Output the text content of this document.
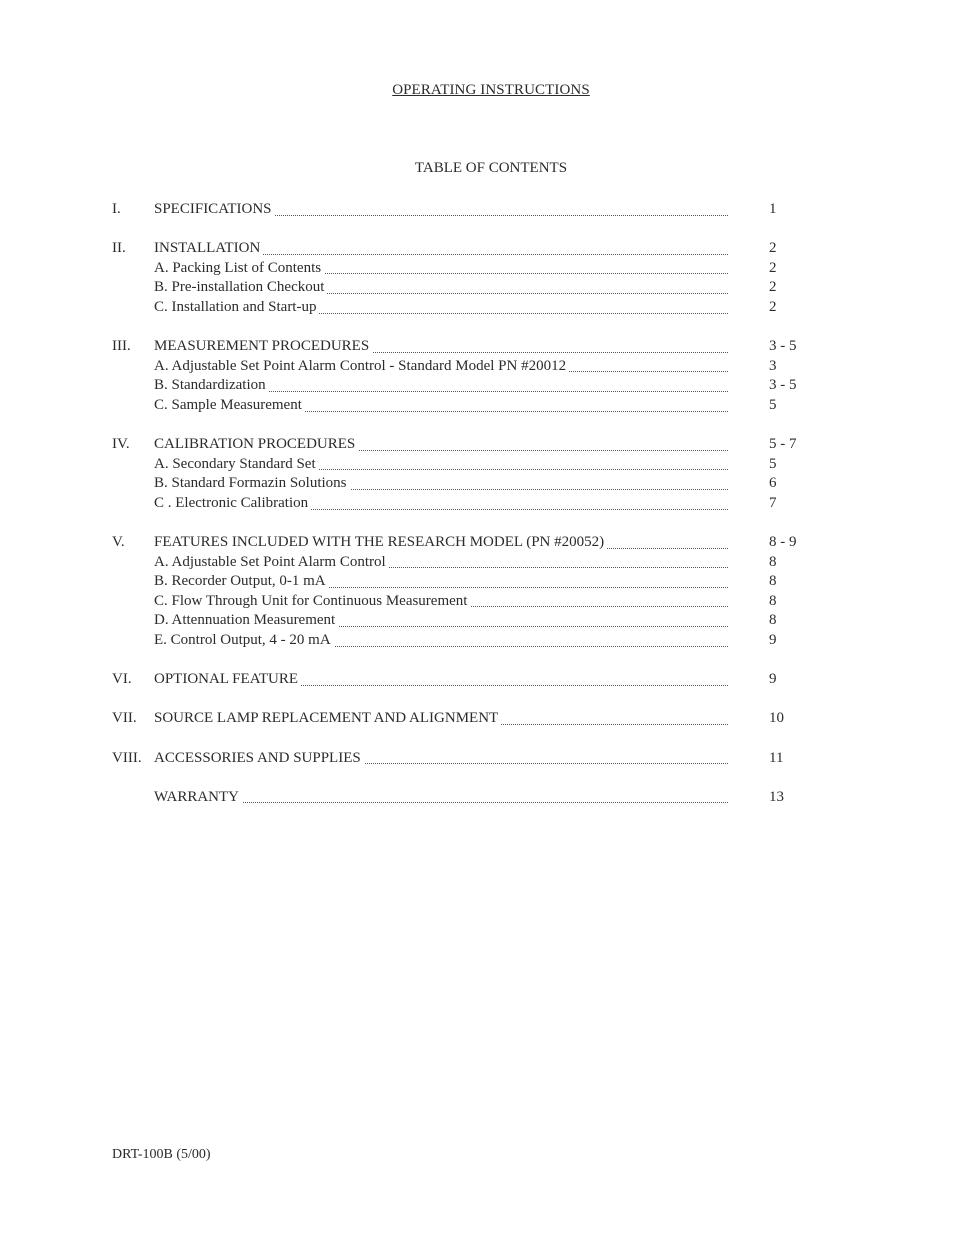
OPERATING INSTRUCTIONS
TABLE OF CONTENTS
I. SPECIFICATIONS	1
II. INSTALLATION	2
A. Packing List of Contents	2
B. Pre-installation Checkout	2
C. Installation and Start-up	2
III. MEASUREMENT PROCEDURES	3 - 5
A. Adjustable Set Point Alarm Control - Standard Model PN #20012	3
B. Standardization	3 - 5
C. Sample Measurement	5
IV. CALIBRATION PROCEDURES	5 - 7
A. Secondary Standard Set	5
B. Standard Formazin Solutions	6
C . Electronic Calibration	7
V. FEATURES INCLUDED WITH THE RESEARCH MODEL (PN #20052)	8 - 9
A. Adjustable Set Point Alarm Control	8
B. Recorder Output, 0-1 mA	8
C. Flow Through Unit for Continuous Measurement	8
D. Attennuation Measurement	8
E. Control Output, 4 - 20 mA	9
VI. OPTIONAL FEATURE	9
VII. SOURCE LAMP REPLACEMENT AND ALIGNMENT	10
VIII. ACCESSORIES AND SUPPLIES	11
WARRANTY	13
DRT-100B (5/00)
